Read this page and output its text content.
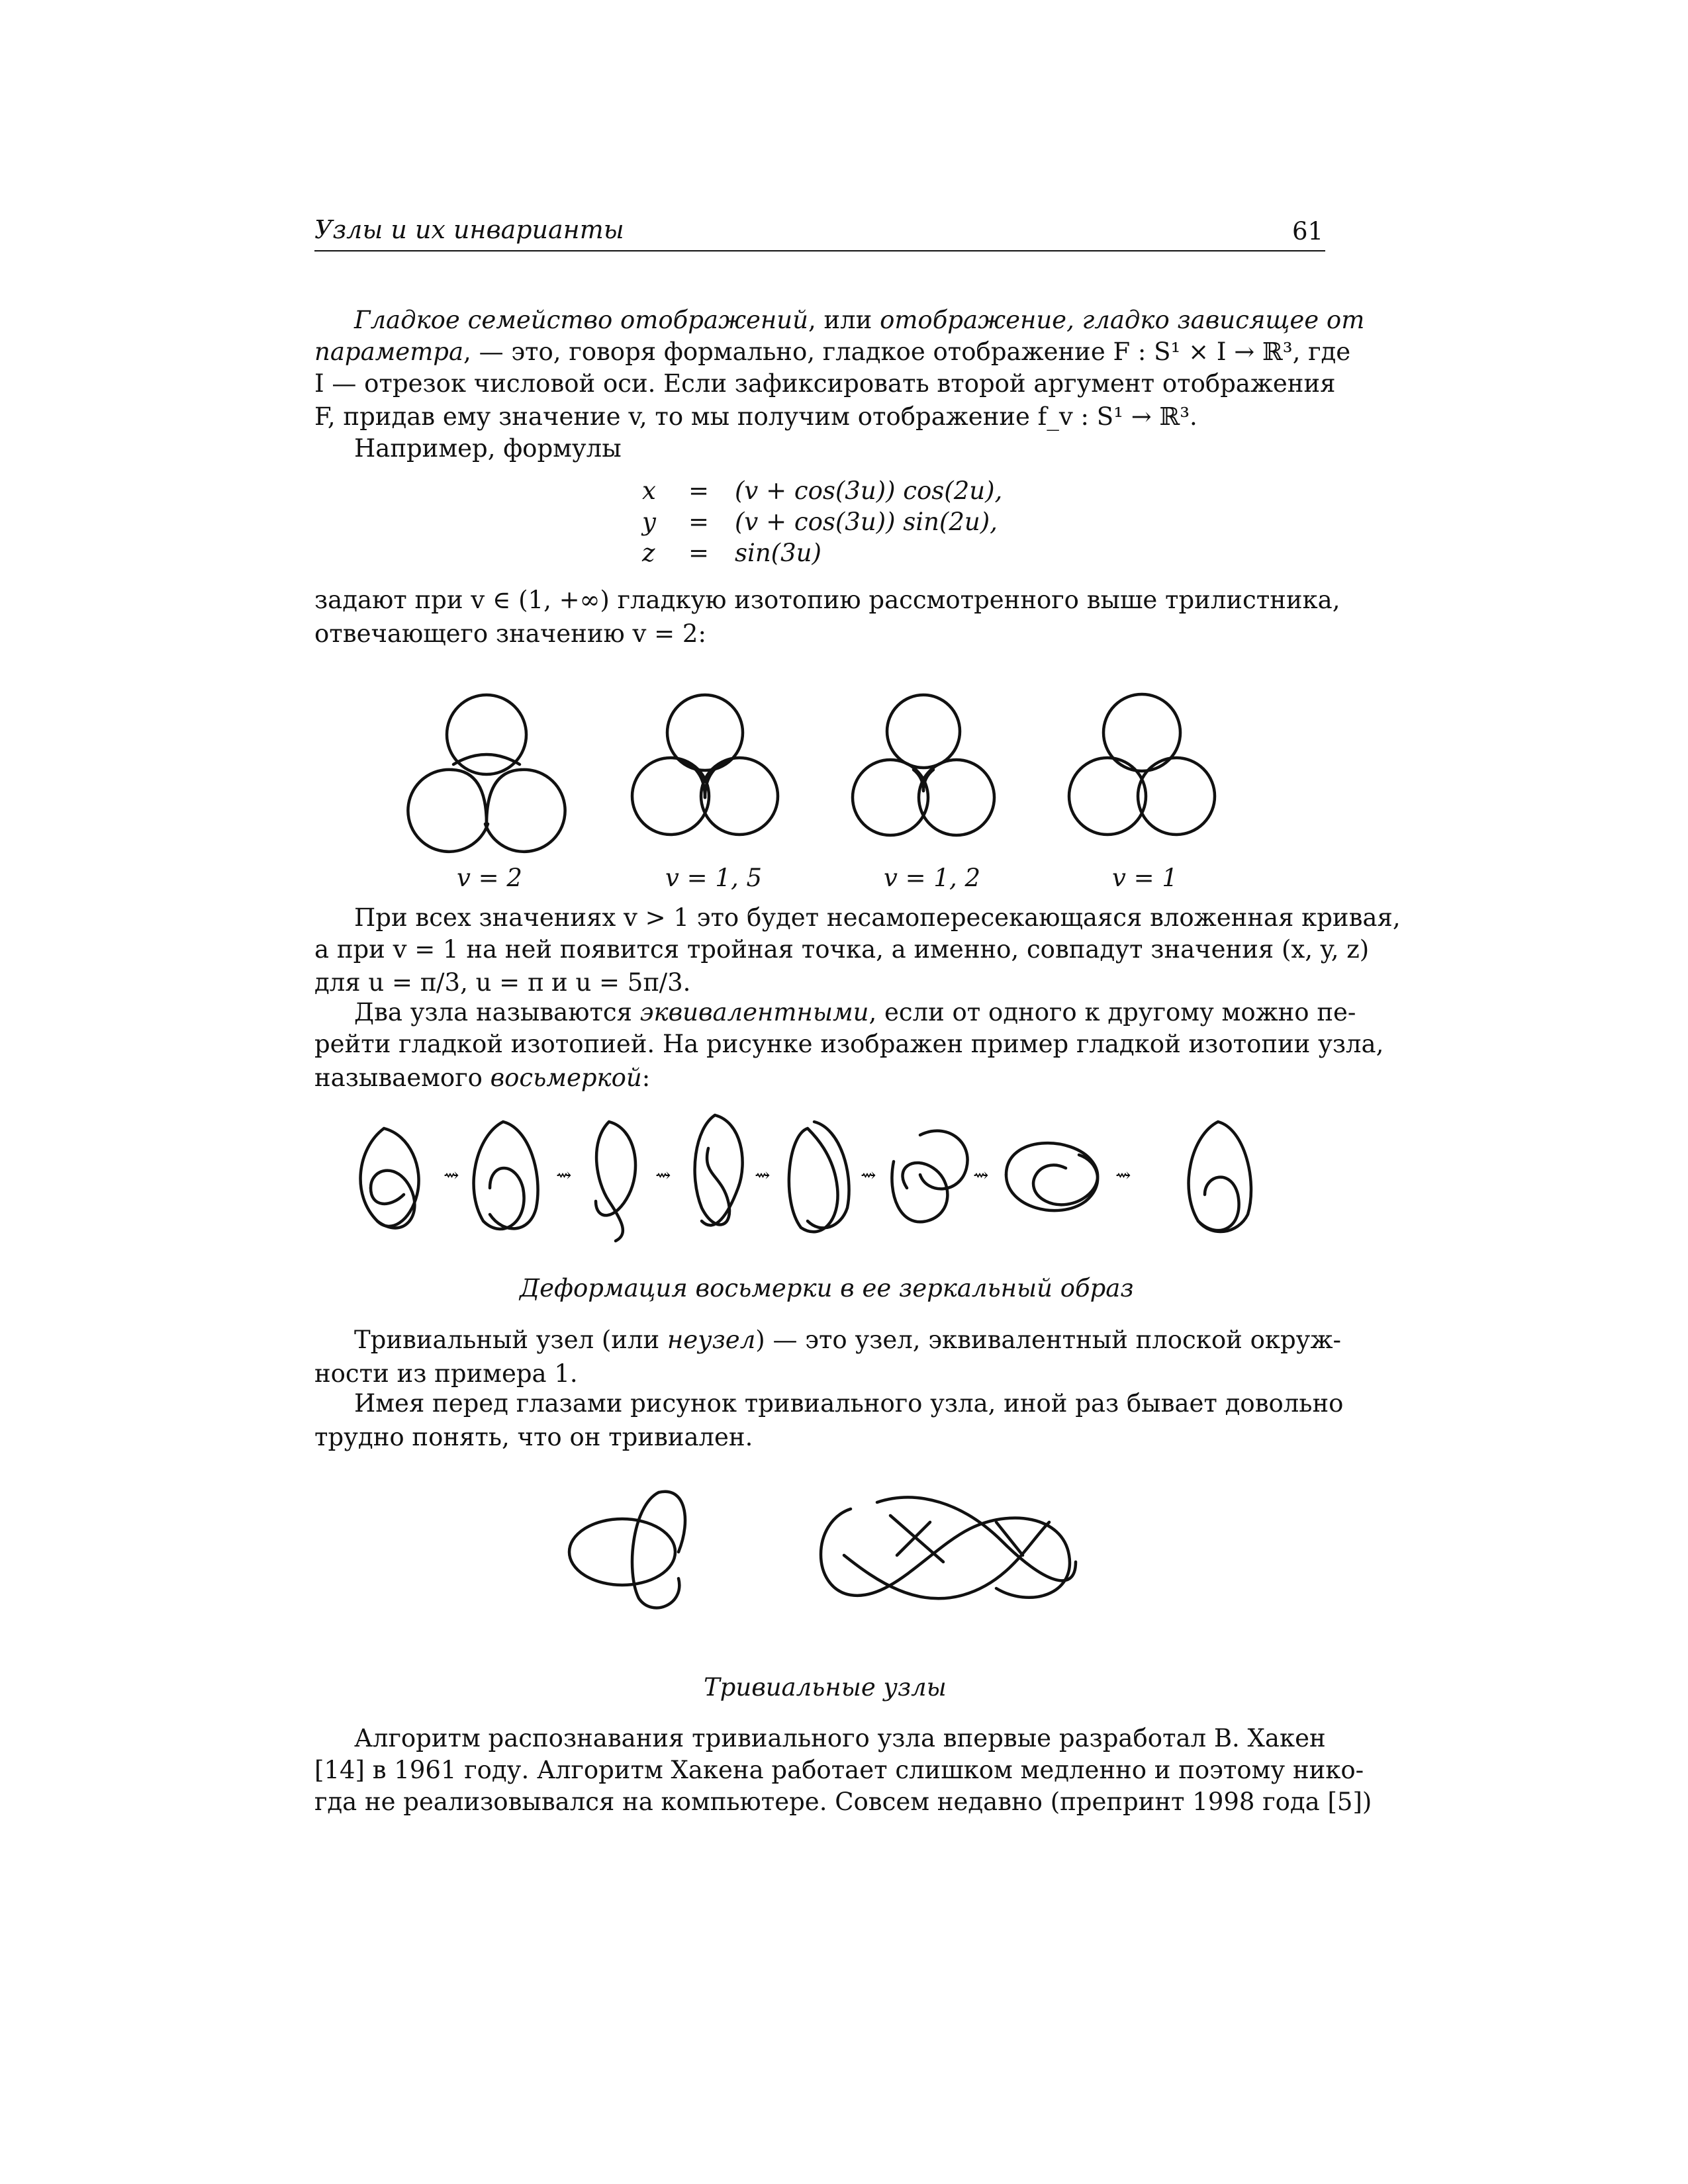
Узлы и их инварианты	61
Гладкое семейство отображений, или отображение, гладко зависящее от
параметра, — это, говоря формально, гладкое отображение F : S¹ × I → ℝ³, где
I — отрезок числовой оси. Если зафиксировать второй аргумент отображения
F, придав ему значение v, то мы получим отображение f_v : S¹ → ℝ³.
Например, формулы
x = (v + cos(3u)) cos(2u),
y = (v + cos(3u)) sin(2u),
z = sin(3u)
задают при v ∈ (1, +∞) гладкую изотопию рассмотренного выше трилистника,
отвечающего значению v = 2:
v = 2	v = 1, 5	v = 1, 2	v = 1
При всех значениях v > 1 это будет несамопересекающаяся вложенная кривая,
а при v = 1 на ней появится тройная точка, а именно, совпадут значения (x, y, z)
для u = π/3, u = π и u = 5π/3.
Два узла называются эквивалентными, если от одного к другому можно пе-
рейти гладкой изотопией. На рисунке изображен пример гладкой изотопии узла,
называемого восьмеркой:
⇝	⇝	⇝	⇝	⇝	⇝	⇝
Деформация восьмерки в ее зеркальный образ
Тривиальный узел (или неузел) — это узел, эквивалентный плоской окруж-
ности из примера 1.
Имея перед глазами рисунок тривиального узла, иной раз бывает довольно
трудно понять, что он тривиален.
Тривиальные узлы
Алгоритм распознавания тривиального узла впервые разработал В. Хакен
[14] в 1961 году. Алгоритм Хакена работает слишком медленно и поэтому нико-
гда не реализовывался на компьютере. Совсем недавно (препринт 1998 года [5])
